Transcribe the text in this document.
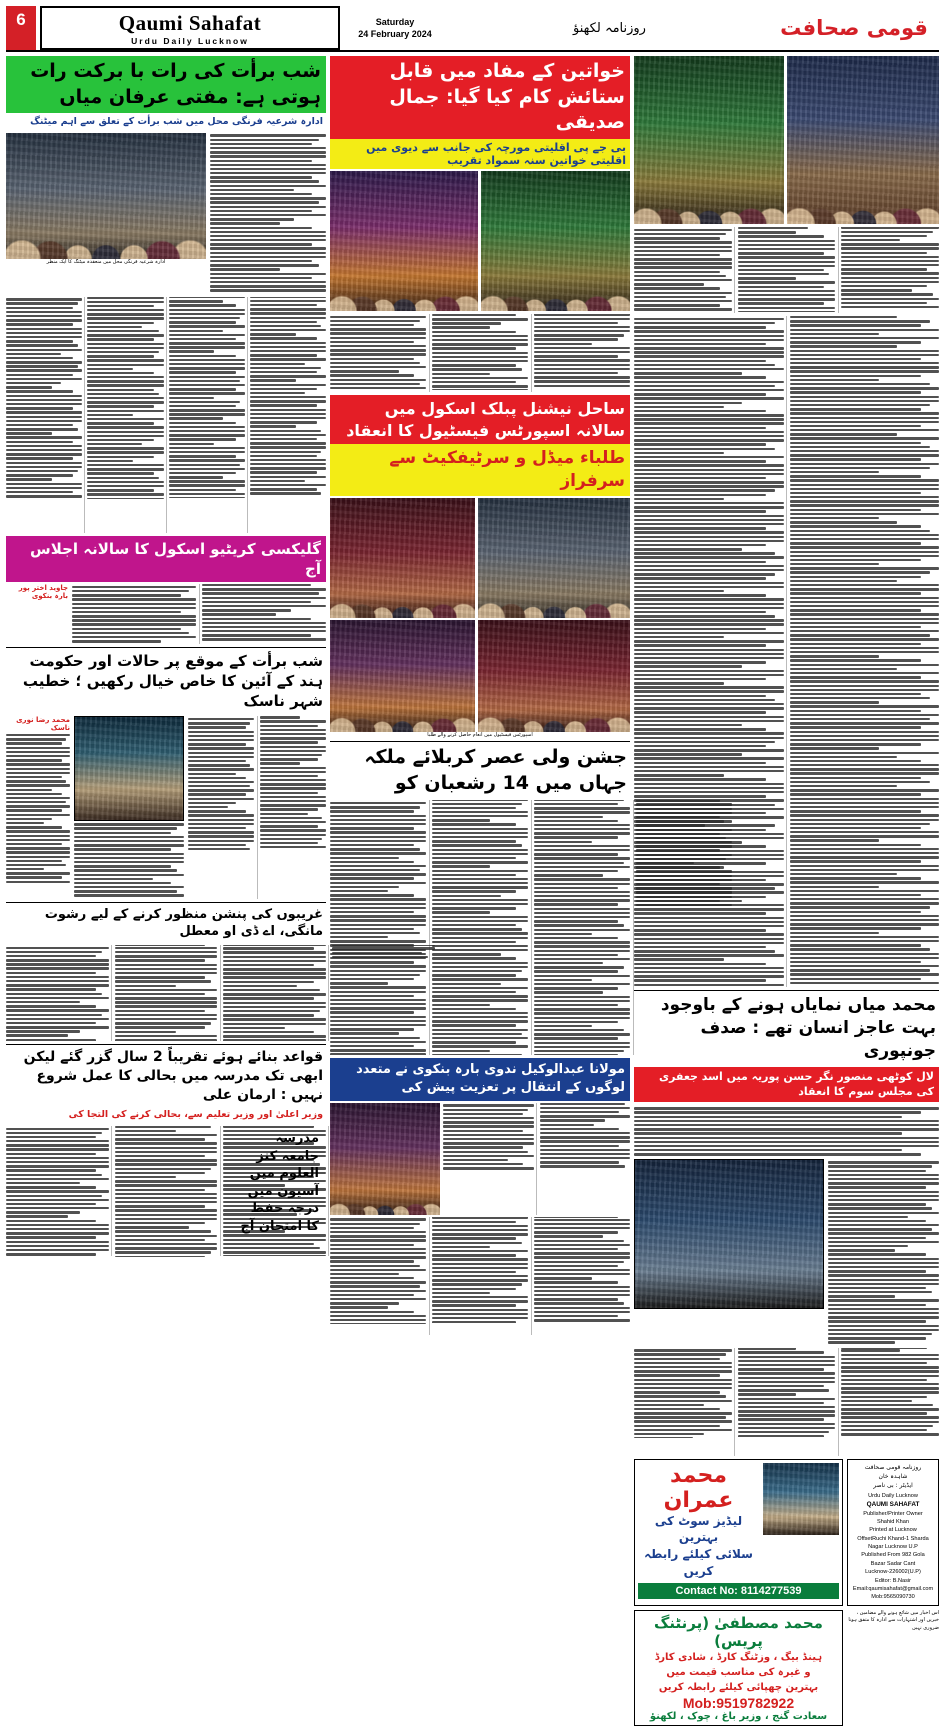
6	Qaumi Sahafat
Urdu Daily Lucknow
Saturday
24 February 2024	روزنامہ لکھنؤ	قومی صحافت
شب برأت کی رات با برکت رات ہوتی ہے: مفتی عرفان میاں
ادارہ شرعیہ فرنگی محل میں شب برأت کے تعلق سے اہم میٹنگ
ادارہ شرعیہ فرنگی محل میں منعقدہ میٹنگ کا ایک منظر
گلیکسی کریٹیو اسکول کا سالانہ اجلاس آج
جاوید اختر پور بارہ بنکوی
شب برأت کے موقع پر حالات اور حکومت ہند کے آئین کا خاص خیال رکھیں ؛ خطیب شہر ناسک
محمد رضا نوری ناسک
غریبوں کی پنشن منظور کرنے کے لیے رشوت مانگی، اے ڈی او معطل
قواعد بنائے ہوئے تقریباً 2 سال گزر گئے لیکن ابھی تک مدرسہ میں بحالی کا عمل شروع نہیں : ارمان علی
وزیر اعلیٰ اور وزیر تعلیم سے، بحالی کرنے کی التجا کی
خواتین کے مفاد میں قابل ستائش کام کیا گیا: جمال صدیقی
بی جے پی اقلیتی مورچہ کی جانب سے دیوی میں اقلیتی خواتین سنہ سمواد تقریب
ساحل نیشنل پبلک اسکول میں سالانہ اسپورٹس فیسٹیول کا انعقاد
طلباء میڈل و سرٹیفکیٹ سے سرفراز
اسپورٹس فیسٹیول میں انعام حاصل کرنے والے طلبا
جشن ولی عصر کربلائے ملکہ جہاں میں 14 رشعبان کو
مولانا عبدالوکیل ندوی بارہ بنکوی نے متعدد لوگوں کے انتقال پر تعزیت پیش کی
محمد میاں نمایاں ہونے کے باوجود بہت عاجز انسان تھے : صدف جونپوری
لال کوٹھی منصور نگر حسن پوریہ میں اسد جعفری کی مجلس سوم کا انعقاد
محمد عمران
لیڈیز سوٹ کی بہترین
سلائی کیلئے رابطہ کریں
Contact No: 8114277539
روزنامہ قومی صحافت
شاہدہ خان
ایڈیٹر : بی ناصر
Urdu Daily Lucknow
QAUMI SAHAFAT
Publisher/Printer Owner
Shahid Khan
Printed at Lucknow
OffsetRuchi Khand-1 Sharda
Nagar Lucknow U.P
Published From 982 Gola
Bazar Sadar Cant
Lucknow-226002(U.P)
Editor: B.Nasir
Email:qaumisahafat@gmail.com
Mob:9565090730
محمد مصطفیٰ (پرنٹنگ پریس)
ہینڈ بیگ ، وزٹنگ کارڈ ، شادی کارڈ
و غیرہ کی مناسب قیمت میں
بہترین چھپائی کیلئے رابطہ کریں
Mob:9519782922
سعادت گنج ، وزیر باغ ، چوک ، لکھنؤ
اس اخبار میں شائع ہونے والے مضامین ، خبریں اور اشتہارات سے ادارہ کا متفق ہونا ضروری نہیں
مدرسہ جامعہ کنز العلوم میں آسیون میں درجہ حفظ کا امتحان آج
